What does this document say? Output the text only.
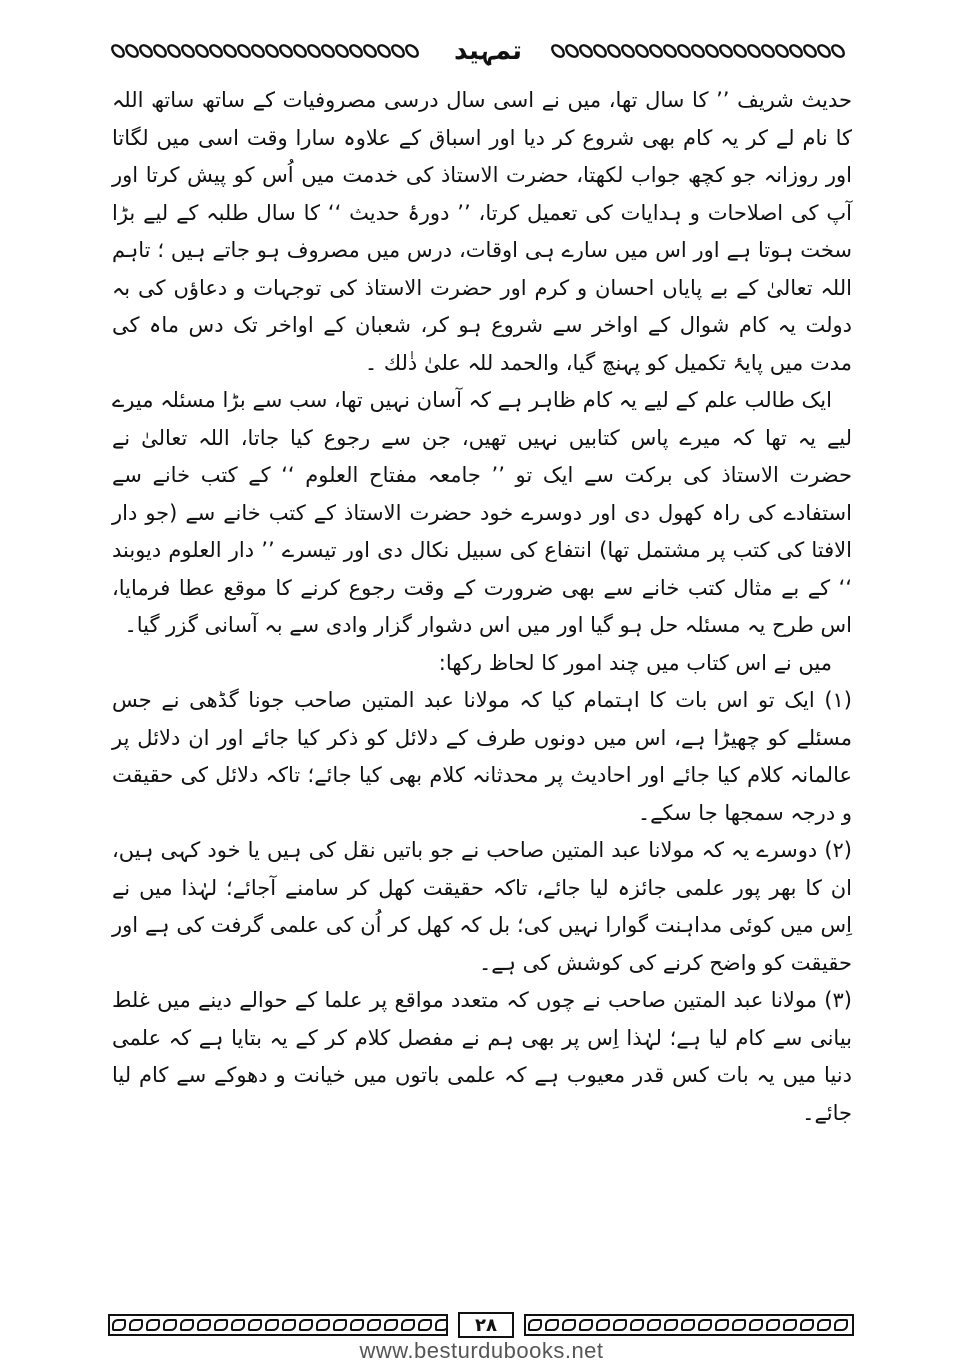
تمہید

حدیث شریف ’’ کا سال تھا، میں نے اسی سال درسی مصروفیات کے ساتھ ساتھ اللہ کا نام لے کر یہ کام بھی شروع کر دیا اور اسباق کے علاوہ سارا وقت اسی میں لگاتا اور روزانہ جو کچھ جواب لکھتا، حضرت الاستاذ کی خدمت میں اُس کو پیش کرتا اور آپ کی اصلاحات و ہدایات کی تعمیل کرتا، ’’ دورۂ حدیث ‘‘ کا سال طلبہ کے لیے بڑا سخت ہوتا ہے اور اس میں سارے ہی اوقات، درس میں مصروف ہو جاتے ہیں ؛ تاہم اللہ تعالیٰ کے بے پایاں احسان و کرم اور حضرت الاستاذ کی توجہات و دعاؤں کی بہ دولت یہ کام شوال کے اواخر سے شروع ہو کر، شعبان کے اواخر تک دس ماہ کی مدت میں پایۂ تکمیل کو پہنچ گیا، والحمد للہ علیٰ ذٰلك ۔

ایک طالب علم کے لیے یہ کام ظاہر ہے کہ آسان نہیں تھا، سب سے بڑا مسئلہ میرے لیے یہ تھا کہ میرے پاس کتابیں نہیں تھیں، جن سے رجوع کیا جاتا، اللہ تعالیٰ نے حضرت الاستاذ کی برکت سے ایک تو ’’ جامعہ مفتاح العلوم ‘‘ کے کتب خانے سے استفادے کی راہ کھول دی اور دوسرے خود حضرت الاستاذ کے کتب خانے سے (جو دار الافتا کی کتب پر مشتمل تھا) انتفاع کی سبیل نکال دی اور تیسرے ’’ دار العلوم دیوبند ‘‘ کے بے مثال کتب خانے سے بھی ضرورت کے وقت رجوع کرنے کا موقع عطا فرمایا، اس طرح یہ مسئلہ حل ہو گیا اور میں اس دشوار گزار وادی سے بہ آسانی گزر گیا۔

میں نے اس کتاب میں چند امور کا لحاظ رکھا:

(۱) ایک تو اس بات کا اہتمام کیا کہ مولانا عبد المتین صاحب جونا گڈھی نے جس مسئلے کو چھیڑا ہے، اس میں دونوں طرف کے دلائل کو ذکر کیا جائے اور ان دلائل پر عالمانہ کلام کیا جائے اور احادیث پر محدثانہ کلام بھی کیا جائے؛ تاکہ دلائل کی حقیقت و درجہ سمجھا جا سکے۔

(۲) دوسرے یہ کہ مولانا عبد المتین صاحب نے جو باتیں نقل کی ہیں یا خود کہی ہیں، ان کا بھر پور علمی جائزہ لیا جائے، تاکہ حقیقت کھل کر سامنے آجائے؛ لہٰذا میں نے اِس میں کوئی مداہنت گوارا نہیں کی؛ بل کہ کھل کر اُن کی علمی گرفت کی ہے اور حقیقت کو واضح کرنے کی کوشش کی ہے۔

(۳) مولانا عبد المتین صاحب نے چوں کہ متعدد مواقع پر علما کے حوالے دینے میں غلط بیانی سے کام لیا ہے؛ لہٰذا اِس پر بھی ہم نے مفصل کلام کر کے یہ بتایا ہے کہ علمی دنیا میں یہ بات کس قدر معیوب ہے کہ علمی باتوں میں خیانت و دھوکے سے کام لیا جائے۔

۲۸
www.besturdubooks.net
